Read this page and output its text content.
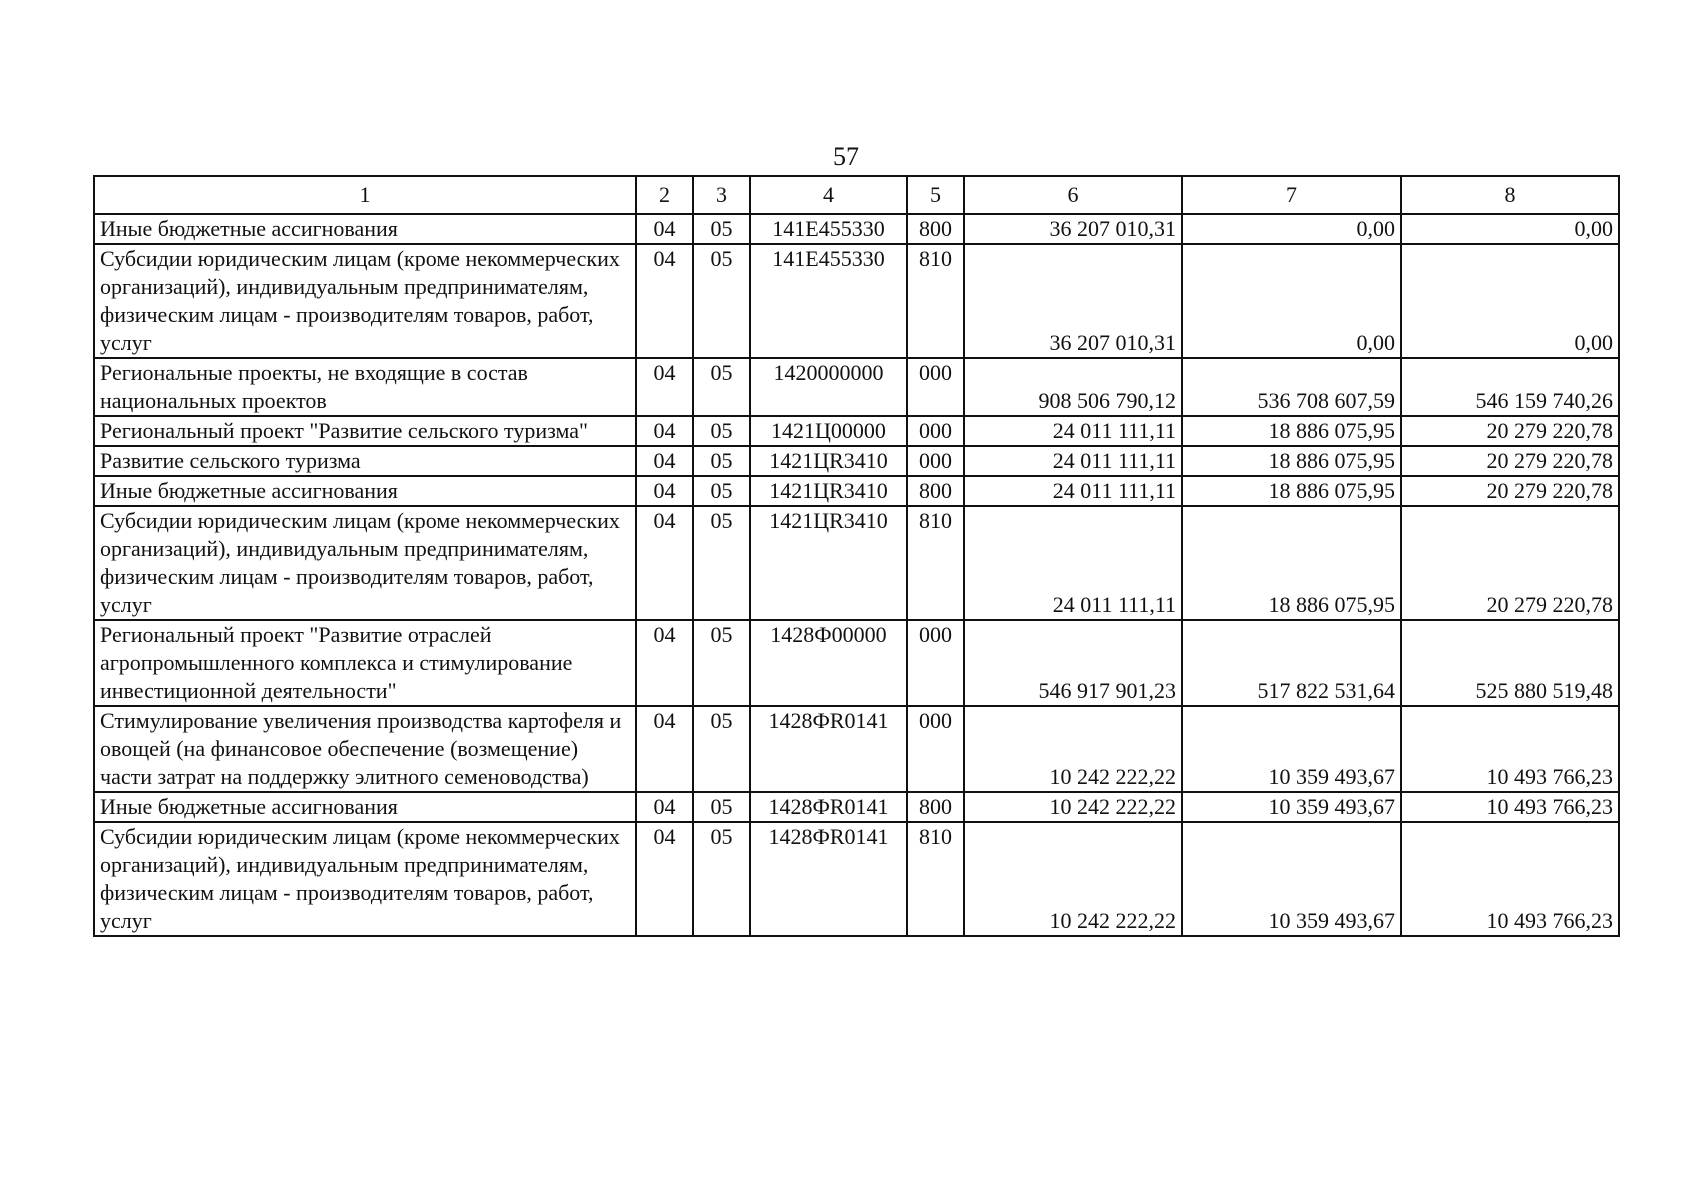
57
1	2	3	4	5	6	7	8
Иные бюджетные ассигнования	04	05	141E455330	800	36 207 010,31	0,00	0,00
Субсидии юридическим лицам (кроме некоммерческих организаций), индивидуальным предпринимателям, физическим лицам - производителям товаров, работ, услуг	04	05	141E455330	810	36 207 010,31	0,00	0,00
Региональные проекты, не входящие в состав национальных проектов	04	05	1420000000	000	908 506 790,12	536 708 607,59	546 159 740,26
Региональный проект "Развитие сельского туризма"	04	05	1421Ц00000	000	24 011 111,11	18 886 075,95	20 279 220,78
Развитие сельского туризма	04	05	1421ЦR3410	000	24 011 111,11	18 886 075,95	20 279 220,78
Иные бюджетные ассигнования	04	05	1421ЦR3410	800	24 011 111,11	18 886 075,95	20 279 220,78
Субсидии юридическим лицам (кроме некоммерческих организаций), индивидуальным предпринимателям, физическим лицам - производителям товаров, работ, услуг	04	05	1421ЦR3410	810	24 011 111,11	18 886 075,95	20 279 220,78
Региональный проект "Развитие отраслей агропромышленного комплекса и стимулирование инвестиционной деятельности"	04	05	1428Ф00000	000	546 917 901,23	517 822 531,64	525 880 519,48
Стимулирование увеличения производства картофеля и овощей (на финансовое обеспечение (возмещение) части затрат на поддержку элитного семеноводства)	04	05	1428ФR0141	000	10 242 222,22	10 359 493,67	10 493 766,23
Иные бюджетные ассигнования	04	05	1428ФR0141	800	10 242 222,22	10 359 493,67	10 493 766,23
Субсидии юридическим лицам (кроме некоммерческих организаций), индивидуальным предпринимателям, физическим лицам - производителям товаров, работ, услуг	04	05	1428ФR0141	810	10 242 222,22	10 359 493,67	10 493 766,23
